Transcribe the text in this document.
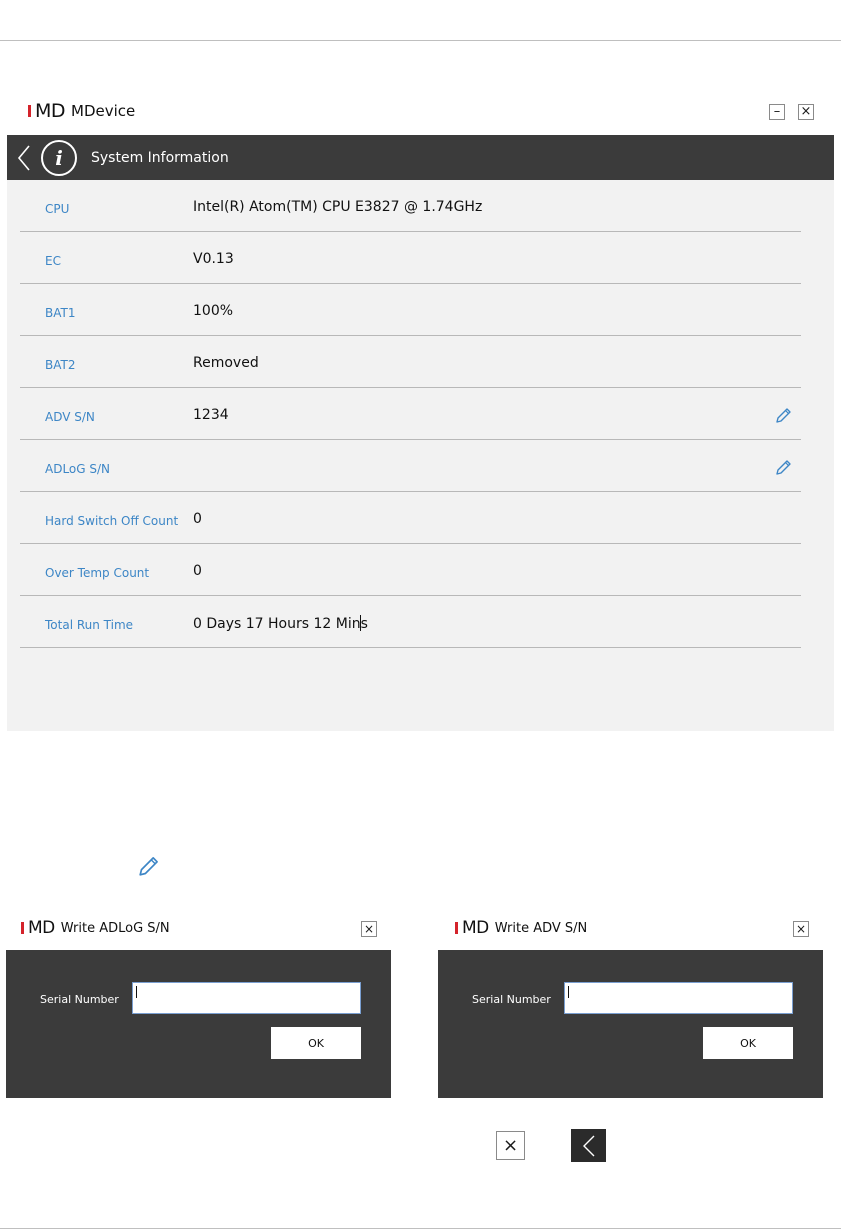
MD MDevice	– ×
i System Information
CPU	Intel(R) Atom(TM) CPU E3827 @ 1.74GHz
EC	V0.13
BAT1	100%
BAT2	Removed
ADV S/N	1234
ADLoG S/N
Hard Switch Off Count 0
Over Temp Count	0
Total Run Time	0 Days 17 Hours 12 Mins
MD Write ADLoG S/N	×
Serial Number
OK
MD Write ADV S/N	×
Serial Number
OK
×
